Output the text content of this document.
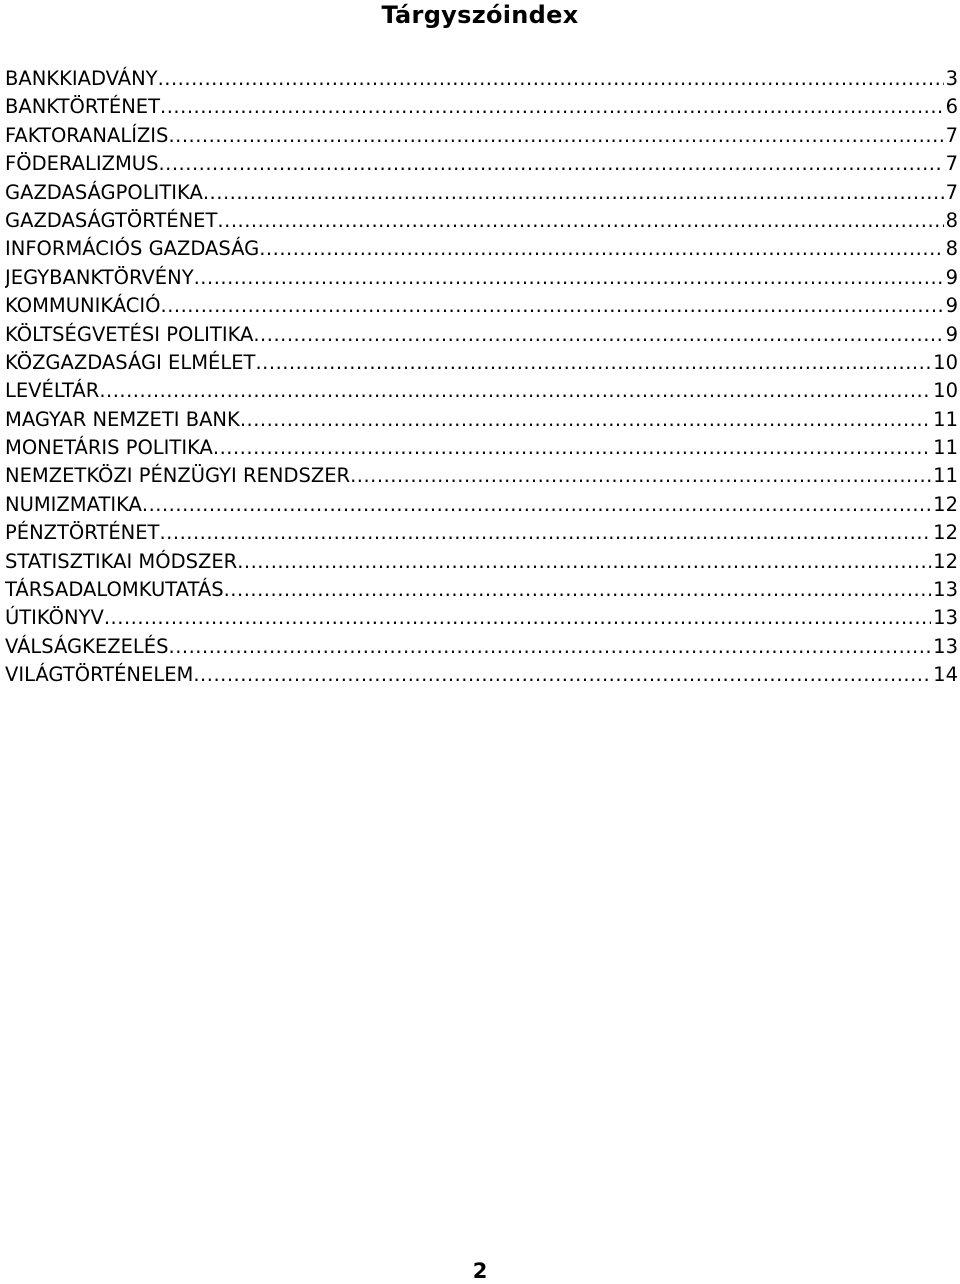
Tárgyszóindex
BANKKIADVÁNY .....	3
BANKTÖRTÉNET .....	6
FAKTORANALÍZIS .....	7
FÖDERALIZMUS .....	7
GAZDASÁGPOLITIKA .....	7
GAZDASÁGTÖRTÉNET .....	8
INFORMÁCIÓS GAZDASÁG .....	8
JEGYBANKTÖRVÉNY .....	9
KOMMUNIKÁCIÓ .....	9
KÖLTSÉGVETÉSI POLITIKA .....	9
KÖZGAZDASÁGI ELMÉLET .....	10
LEVÉLTÁR .....	10
MAGYAR NEMZETI BANK .....	11
MONETÁRIS POLITIKA .....	11
NEMZETKÖZI PÉNZÜGYI RENDSZER .....	11
NUMIZMATIKA .....	12
PÉNZTÖRTÉNET .....	12
STATISZTIKAI MÓDSZER .....	12
TÁRSADALOMKUTATÁS .....	13
ÚTIKÖNYV .....	13
VÁLSÁGKEZELÉS .....	13
VILÁGTÖRTÉNELEM .....	14
2
